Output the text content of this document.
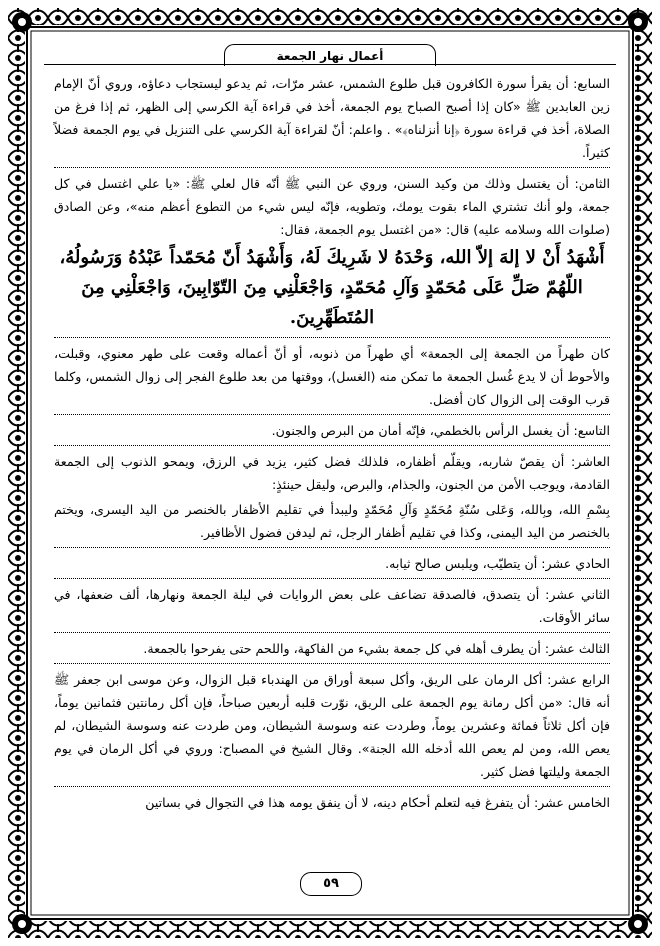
أعمال نهار الجمعة

السابع: أن يقرأ سورة الكافرون قبل طلوع الشمس، عشر مرّات، ثم يدعو ليستجاب دعاؤه، وروي أنّ الإمام زين العابدين ﷺ «كان إذا أصبح الصباح يوم الجمعة، أخذ في قراءة آية الكرسي إلى الظهر، ثم إذا فرغ من الصلاة، أخذ في قراءة سورة ﴿إنا أنزلناه﴾» . واعلم: أنّ لقراءة آية الكرسي على التنزيل في يوم الجمعة فضلاً كثيراً.

الثامن: أن يغتسل وذلك من وكيد السنن، وروي عن النبي ﷺ أنّه قال لعلي ﷺ: «يا علي اغتسل في كل جمعة، ولو أنك تشتري الماء بقوت يومك، وتطويه، فإنّه ليس شيء من التطوع أعظم منه»، وعن الصادق (صلوات الله وسلامه عليه) قال: «من اغتسل يوم الجمعة، فقال:

أَشْهَدُ أَنْ لا إلهَ إلاّ الله، وَحْدَهُ لا شَرِيكَ لَهُ، وَأَشْهَدُ أَنّ مُحَمّداً عَبْدُهُ وَرَسُولُهُ، اللّهُمّ صَلِّ عَلَى مُحَمّدٍ وَآلِ مُحَمّدٍ، وَاجْعَلْنِي مِنَ التّوّابِينَ، وَاجْعَلْنِي مِنَ المُتَطَهِّرِينَ.

كان طهراً من الجمعة إلى الجمعة» أي طهراً من ذنوبه، أو أنّ أعماله وقعت على طهر معنوي، وقبلت، والأحوط أن لا يدع غُسل الجمعة ما تمكن منه (الغسل)، ووقتها من بعد طلوع الفجر إلى زوال الشمس، وكلما قرب الوقت إلى الزوال كان أفضل.

التاسع: أن يغسل الرأس بالخطمي، فإنّه أمان من البرص والجنون.

العاشر: أن يقصّ شاربه، ويقلّم أظفاره، فلذلك فضل كثير، يزيد في الرزق، ويمحو الذنوب إلى الجمعة القادمة، ويوجب الأمن من الجنون، والجذام، والبرص، وليقل حينئذٍ:

بِسْمِ الله، وبِالله، وَعَلى سُنّةِ مُحَمّدٍ وَآلِ مُحَمّدٍ وليبدأ في تقليم الأظفار بالخنصر من اليد اليسرى، ويختم بالخنصر من اليد اليمنى، وكذا في تقليم أظفار الرجل، ثم ليدفن فضول الأظافير.

الحادي عشر: أن يتطيّب، ويلبس صالح ثيابه.

الثاني عشر: أن يتصدق، فالصدقة تضاعف على بعض الروايات في ليلة الجمعة ونهارها، ألف ضعفها، في سائر الأوقات.

الثالث عشر: أن يطرف أهله في كل جمعة بشيء من الفاكهة، واللحم حتى يفرحوا بالجمعة.

الرابع عشر: أكل الرمان على الريق، وأكل سبعة أوراق من الهندباء قبل الزوال، وعن موسى ابن جعفر ﷺ أنه قال: «من أكل رمانة يوم الجمعة على الريق، نوّرت قلبه أربعين صباحاً، فإن أكل رمانتين فثمانين يوماً، فإن أكل ثلاثاً فمائة وعشرين يوماً، وطردت عنه وسوسة الشيطان، ومن طردت عنه وسوسة الشيطان، لم يعص الله، ومن لم يعص الله أدخله الله الجنة». وقال الشيخ في المصباح: وروي في أكل الرمان في يوم الجمعة وليلتها فضل كثير.

الخامس عشر: أن يتفرغ فيه لتعلم أحكام دينه، لا أن ينفق يومه هذا في التجوال في بساتين

٥٩
